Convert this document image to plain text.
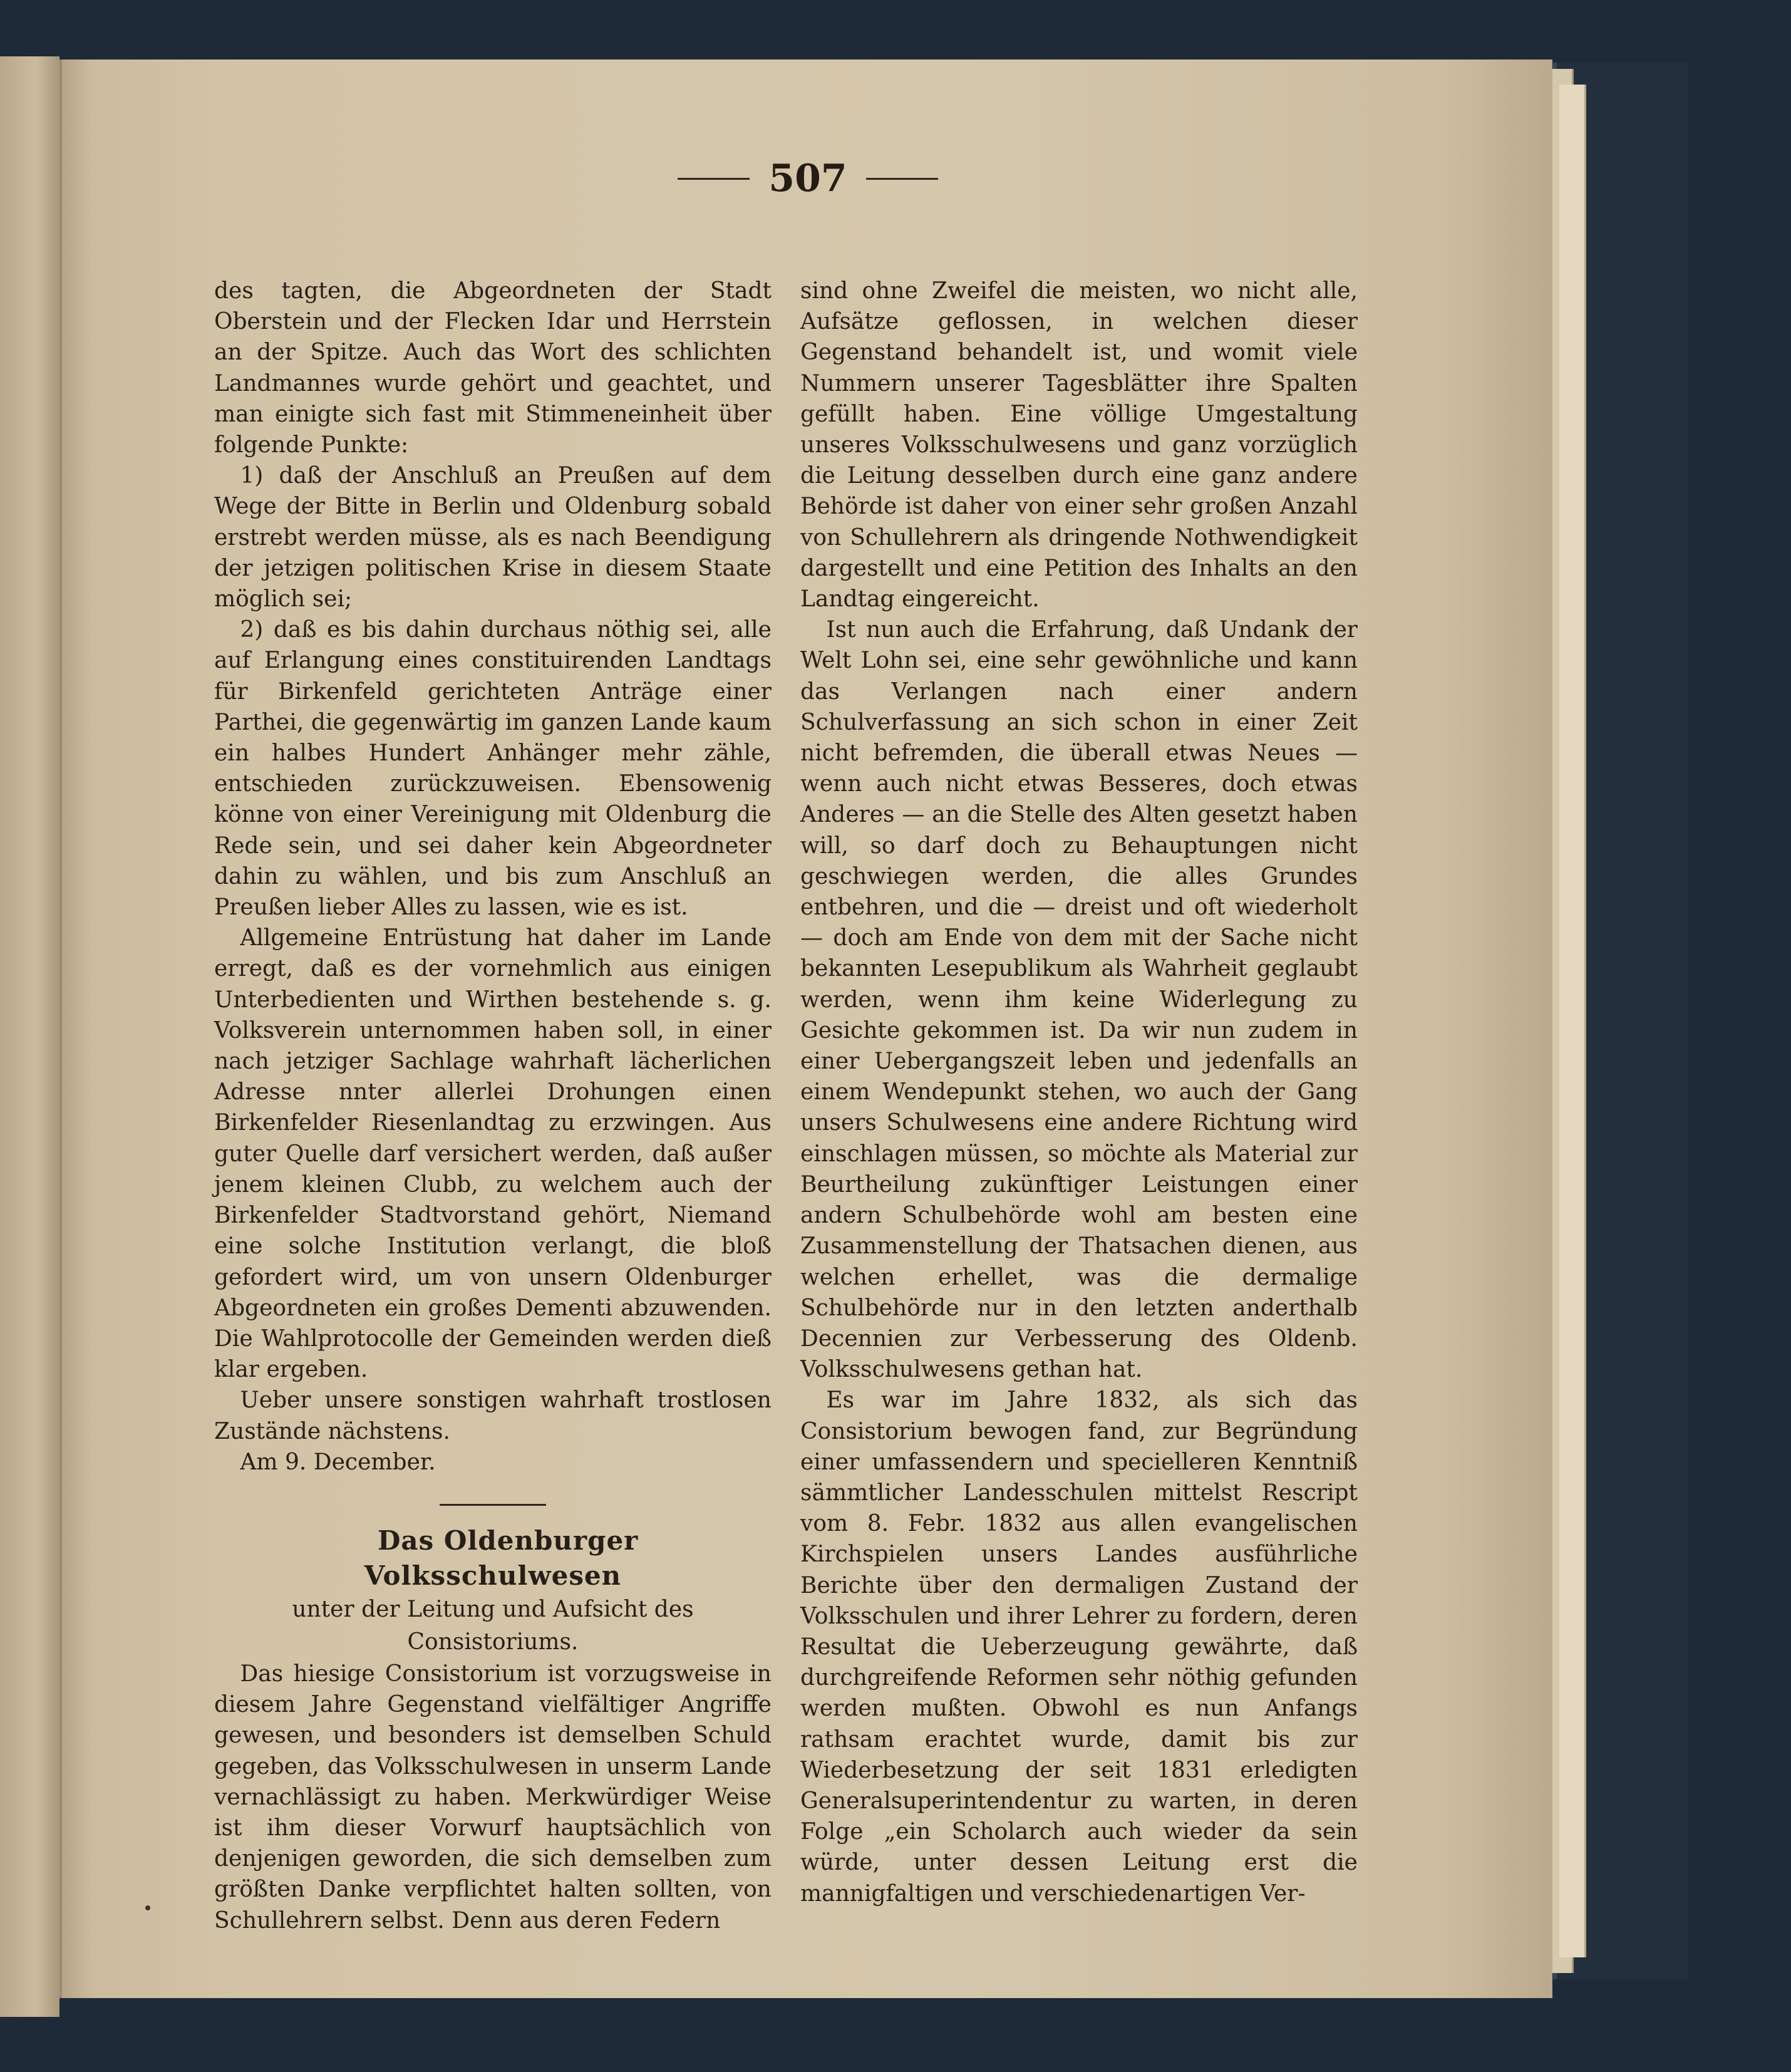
507

des tagten, die Abgeordneten der Stadt Oberstein und der Flecken Idar und Herrstein an der Spitze. Auch das Wort des schlichten Landmannes wurde gehört und geachtet, und man einigte sich fast mit Stimmeneinheit über folgende Punkte:

1) daß der Anschluß an Preußen auf dem Wege der Bitte in Berlin und Oldenburg sobald erstrebt werden müsse, als es nach Beendigung der jetzigen politischen Krise in diesem Staate möglich sei;

2) daß es bis dahin durchaus nöthig sei, alle auf Erlangung eines constituirenden Landtags für Birkenfeld gerichteten Anträge einer Parthei, die gegenwärtig im ganzen Lande kaum ein halbes Hundert Anhänger mehr zähle, entschieden zurückzuweisen. Ebensowenig könne von einer Vereinigung mit Oldenburg die Rede sein, und sei daher kein Abgeordneter dahin zu wählen, und bis zum Anschluß an Preußen lieber Alles zu lassen, wie es ist.

Allgemeine Entrüstung hat daher im Lande erregt, daß es der vornehmlich aus einigen Unterbedienten und Wirthen bestehende s. g. Volksverein unternommen haben soll, in einer nach jetziger Sachlage wahrhaft lächerlichen Adresse nnter allerlei Drohungen einen Birkenfelder Riesenlandtag zu erzwingen. Aus guter Quelle darf versichert werden, daß außer jenem kleinen Clubb, zu welchem auch der Birkenfelder Stadtvorstand gehört, Niemand eine solche Institution verlangt, die bloß gefordert wird, um von unsern Oldenburger Abgeordneten ein großes Dementi abzuwenden. Die Wahlprotocolle der Gemeinden werden dieß klar ergeben.

Ueber unsere sonstigen wahrhaft trostlosen Zustände nächstens.

Am 9. December.

Das Oldenburger Volksschulwesen

unter der Leitung und Aufsicht des Consistoriums.

Das hiesige Consistorium ist vorzugsweise in diesem Jahre Gegenstand vielfältiger Angriffe gewesen, und besonders ist demselben Schuld gegeben, das Volksschulwesen in unserm Lande vernachlässigt zu haben. Merkwürdiger Weise ist ihm dieser Vorwurf hauptsächlich von denjenigen geworden, die sich demselben zum größten Danke verpflichtet halten sollten, von Schullehrern selbst. Denn aus deren Federn

sind ohne Zweifel die meisten, wo nicht alle, Aufsätze geflossen, in welchen dieser Gegenstand behandelt ist, und womit viele Nummern unserer Tagesblätter ihre Spalten gefüllt haben. Eine völlige Umgestaltung unseres Volksschulwesens und ganz vorzüglich die Leitung desselben durch eine ganz andere Behörde ist daher von einer sehr großen Anzahl von Schullehrern als dringende Nothwendigkeit dargestellt und eine Petition des Inhalts an den Landtag eingereicht.

Ist nun auch die Erfahrung, daß Undank der Welt Lohn sei, eine sehr gewöhnliche und kann das Verlangen nach einer andern Schulverfassung an sich schon in einer Zeit nicht befremden, die überall etwas Neues — wenn auch nicht etwas Besseres, doch etwas Anderes — an die Stelle des Alten gesetzt haben will, so darf doch zu Behauptungen nicht geschwiegen werden, die alles Grundes entbehren, und die — dreist und oft wiederholt — doch am Ende von dem mit der Sache nicht bekannten Lesepublikum als Wahrheit geglaubt werden, wenn ihm keine Widerlegung zu Gesichte gekommen ist. Da wir nun zudem in einer Uebergangszeit leben und jedenfalls an einem Wendepunkt stehen, wo auch der Gang unsers Schulwesens eine andere Richtung wird einschlagen müssen, so möchte als Material zur Beurtheilung zukünftiger Leistungen einer andern Schulbehörde wohl am besten eine Zusammenstellung der Thatsachen dienen, aus welchen erhellet, was die dermalige Schulbehörde nur in den letzten anderthalb Decennien zur Verbesserung des Oldenb. Volksschulwesens gethan hat.

Es war im Jahre 1832, als sich das Consistorium bewogen fand, zur Begründung einer umfassendern und specielleren Kenntniß sämmtlicher Landesschulen mittelst Rescript vom 8. Febr. 1832 aus allen evangelischen Kirchspielen unsers Landes ausführliche Berichte über den dermaligen Zustand der Volksschulen und ihrer Lehrer zu fordern, deren Resultat die Ueberzeugung gewährte, daß durchgreifende Reformen sehr nöthig gefunden werden mußten. Obwohl es nun Anfangs rathsam erachtet wurde, damit bis zur Wiederbesetzung der seit 1831 erledigten Generalsuperintendentur zu warten, in deren Folge „ein Scholarch auch wieder da sein würde, unter dessen Leitung erst die mannigfaltigen und verschiedenartigen Ver-
